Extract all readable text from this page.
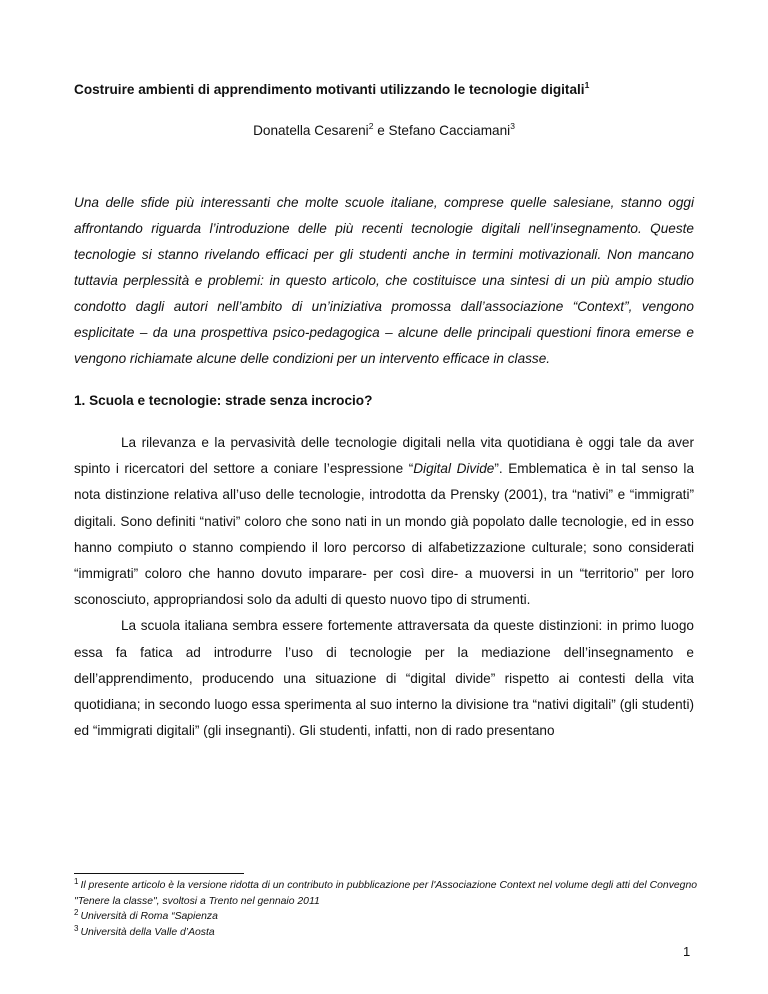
Costruire ambienti di apprendimento motivanti utilizzando le tecnologie digitali$^1$
Donatella Cesareni$^2$ e Stefano Cacciamani$^3$

Una delle sfide più interessanti che molte scuole italiane, comprese quelle salesiane, stanno oggi affrontando riguarda l’introduzione delle più recenti tecnologie digitali nell’insegnamento. Queste tecnologie si stanno rivelando efficaci per gli studenti anche in termini motivazionali. Non mancano tuttavia perplessità e problemi: in questo articolo, che costituisce una sintesi di un più ampio studio condotto dagli autori nell’ambito di un’iniziativa promossa dall’associazione “Context”, vengono esplicitate – da una prospettiva psico-pedagogica – alcune delle principali questioni finora emerse e vengono richiamate alcune delle condizioni per un intervento efficace in classe.

1. Scuola e tecnologie: strade senza incrocio?

La rilevanza e la pervasività delle tecnologie digitali nella vita quotidiana è oggi tale da aver spinto i ricercatori del settore a coniare l’espressione “Digital Divide”. Emblematica è in tal senso la nota distinzione relativa all’uso delle tecnologie, introdotta da Prensky (2001), tra “nativi” e “immigrati” digitali. Sono definiti “nativi” coloro che sono nati in un mondo già popolato dalle tecnologie, ed in esso hanno compiuto o stanno compiendo il loro percorso di alfabetizzazione culturale; sono considerati “immigrati” coloro che hanno dovuto imparare- per così dire- a muoversi in un “territorio” per loro sconosciuto, appropriandosi solo da adulti di questo nuovo tipo di strumenti.

La scuola italiana sembra essere fortemente attraversata da queste distinzioni: in primo luogo essa fa fatica ad introdurre l’uso di tecnologie per la mediazione dell’insegnamento e dell’apprendimento, producendo una situazione di “digital divide” rispetto ai contesti della vita quotidiana; in secondo luogo essa sperimenta al suo interno la divisione tra “nativi digitali” (gli studenti) ed “immigrati digitali” (gli insegnanti). Gli studenti, infatti, non di rado presentano

$^1$ Il presente articolo è la versione ridotta di un contributo in pubblicazione per l'Associazione Context nel volume degli atti del Convegno "Tenere la classe", svoltosi a Trento nel gennaio 2011
$^2$ Università di Roma “Sapienza
$^3$ Università della Valle d’Aosta
1
